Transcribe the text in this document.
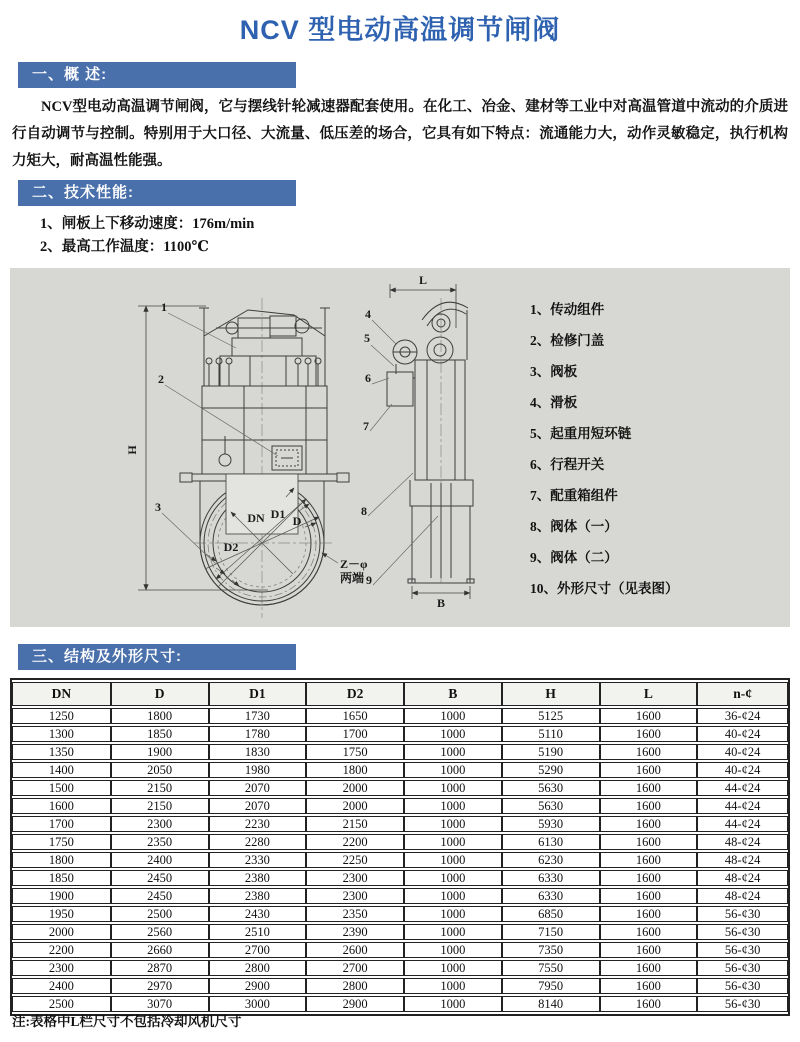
NCV 型电动高温调节闸阀
一、概 述:

NCV型电动高温调节闸阀，它与摆线针轮减速器配套使用。在化工、冶金、建材等工业中对高温管道中流动的介质进行自动调节与控制。特别用于大口径、大流量、低压差的场合，它具有如下特点：流通能力大，动作灵敏稳定，执行机构力矩大，耐高温性能强。

二、技术性能:
1、闸板上下移动速度：176m/min
2、最高工作温度：1100℃
H
L
B
DN D1 D
D2
Z－φ
两端
1
2
3
4
5
6
7
8
9
1、传动组件
2、检修门盖
3、阀板
4、滑板
5、起重用短环链
6、行程开关
7、配重箱组件
8、阀体（一）
9、阀体（二）
10、外形尺寸（见表图）
三、结构及外形尺寸:
DN	D	D1	D2	B	H	L	n-¢
1250	1800	1730	1650	1000	5125	1600	36-¢24
1300	1850	1780	1700	1000	5110	1600	40-¢24
1350	1900	1830	1750	1000	5190	1600	40-¢24
1400	2050	1980	1800	1000	5290	1600	40-¢24
1500	2150	2070	2000	1000	5630	1600	44-¢24
1600	2150	2070	2000	1000	5630	1600	44-¢24
1700	2300	2230	2150	1000	5930	1600	44-¢24
1750	2350	2280	2200	1000	6130	1600	48-¢24
1800	2400	2330	2250	1000	6230	1600	48-¢24
1850	2450	2380	2300	1000	6330	1600	48-¢24
1900	2450	2380	2300	1000	6330	1600	48-¢24
1950	2500	2430	2350	1000	6850	1600	56-¢30
2000	2560	2510	2390	1000	7150	1600	56-¢30
2200	2660	2700	2600	1000	7350	1600	56-¢30
2300	2870	2800	2700	1000	7550	1600	56-¢30
2400	2970	2900	2800	1000	7950	1600	56-¢30
2500	3070	3000	2900	1000	8140	1600	56-¢30
注:表格中L栏尺寸不包括冷却风机尺寸
